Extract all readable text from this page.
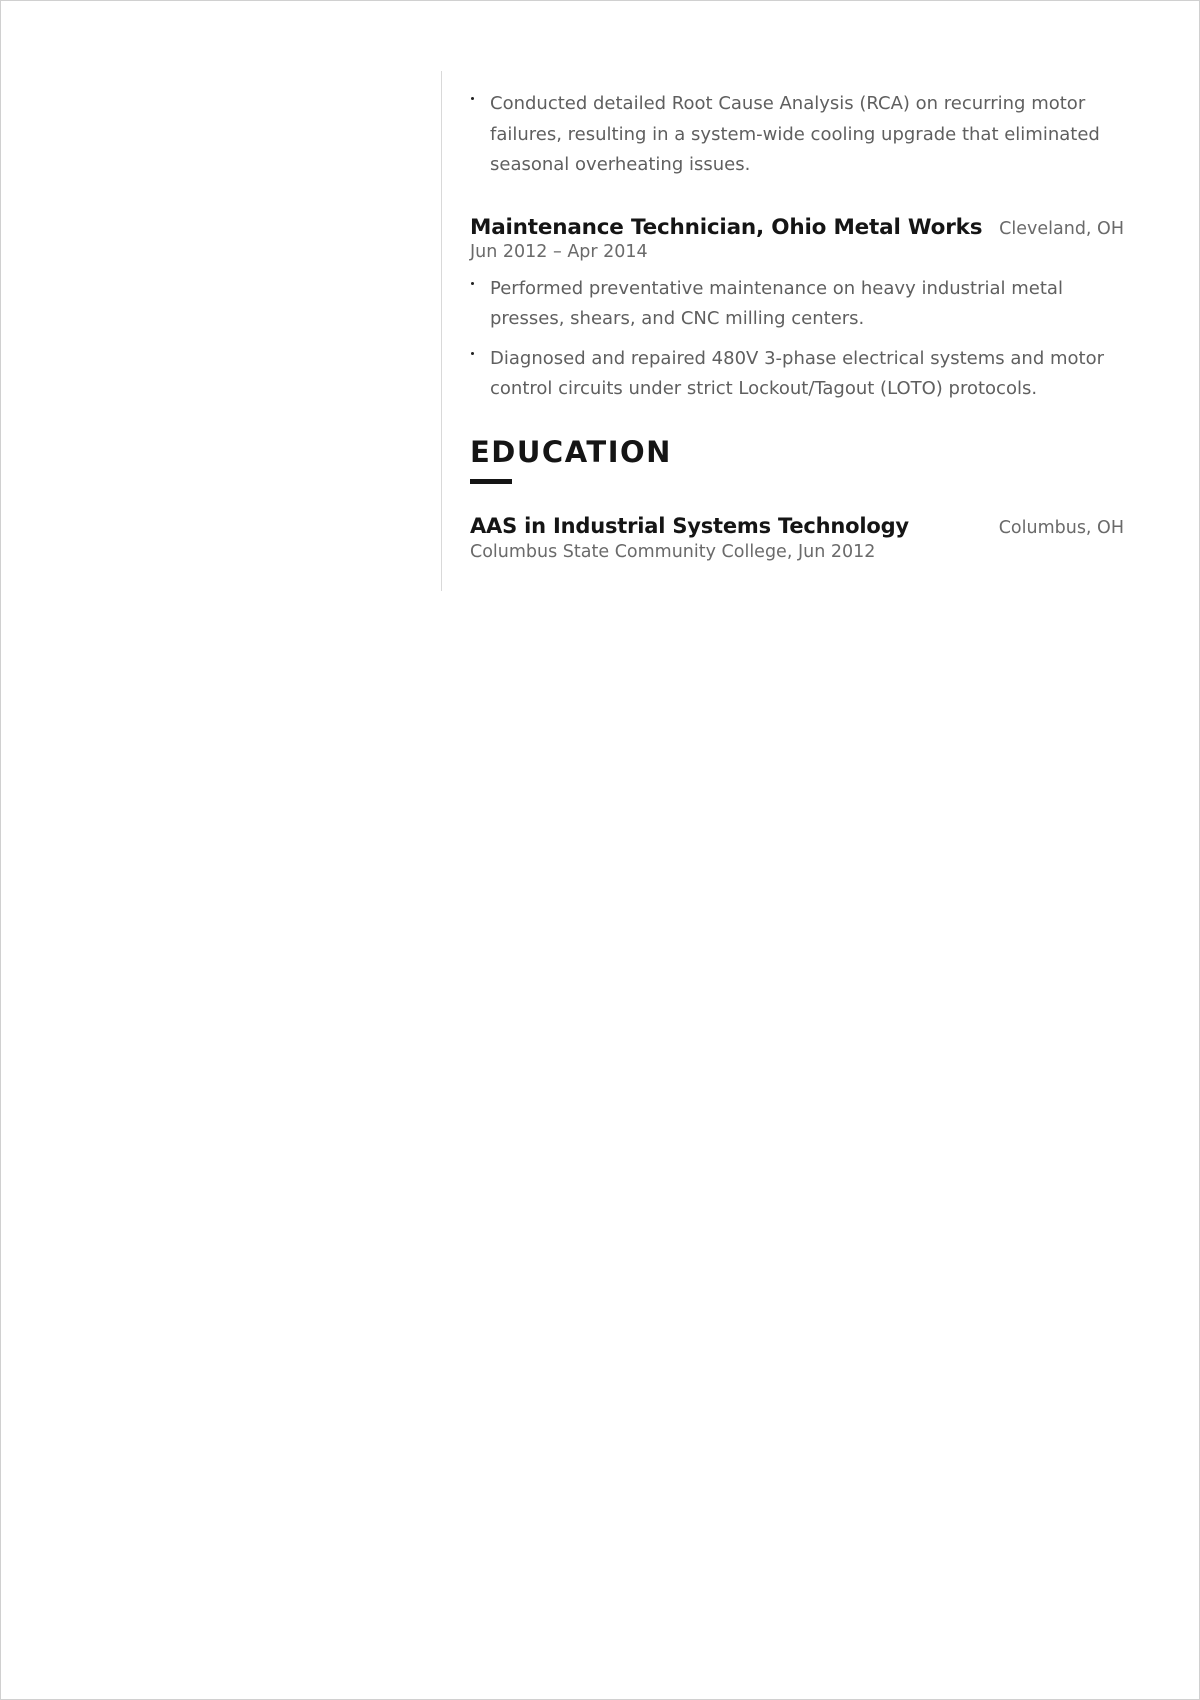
Conducted detailed Root Cause Analysis (RCA) on recurring motor failures, resulting in a system-wide cooling upgrade that eliminated seasonal overheating issues.
Maintenance Technician, Ohio Metal Works Cleveland, OH
Jun 2012 – Apr 2014
Performed preventative maintenance on heavy industrial metal presses, shears, and CNC milling centers.
Diagnosed and repaired 480V 3-phase electrical systems and motor control circuits under strict Lockout/Tagout (LOTO) protocols.
EDUCATION
AAS in Industrial Systems Technology	Columbus, OH
Columbus State Community College, Jun 2012
